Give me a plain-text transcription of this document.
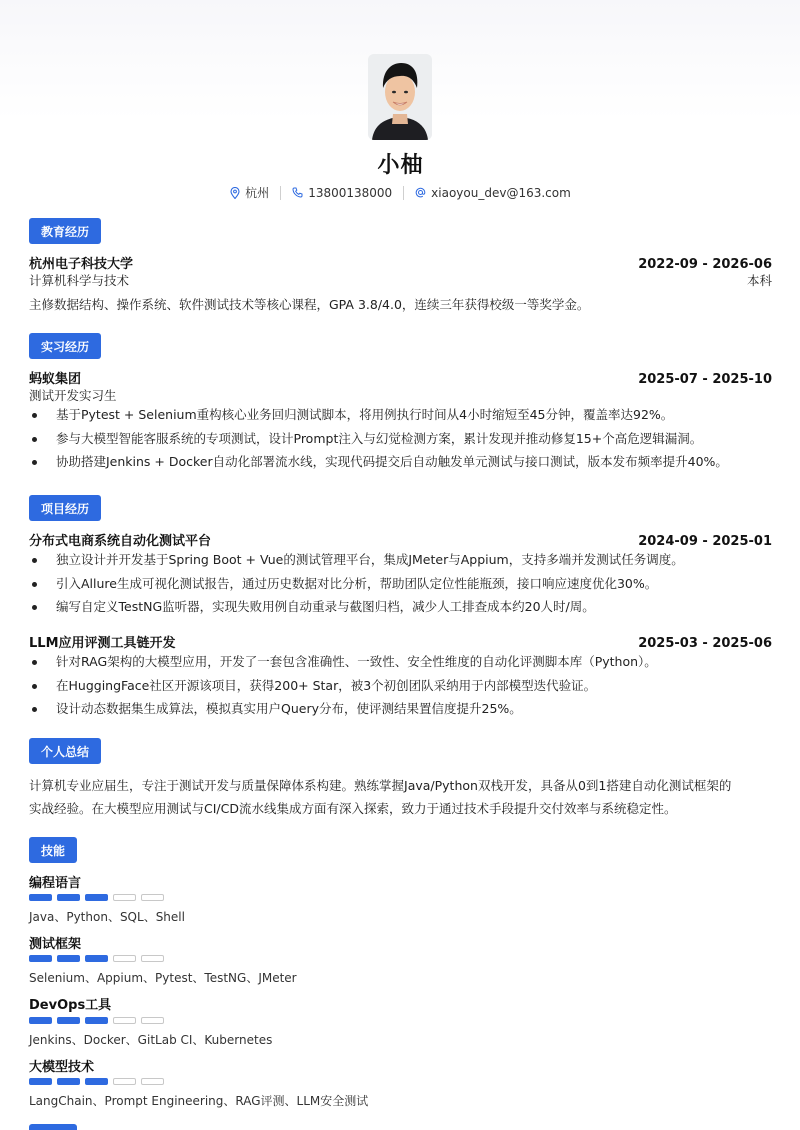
小柚
杭州	13800138000	xiaoyou_dev@163.com
教育经历
杭州电子科技大学	2022-09 - 2026-06
计算机科学与技术	本科
主修数据结构、操作系统、软件测试技术等核心课程，GPA 3.8/4.0，连续三年获得校级一等奖学金。
实习经历
蚂蚁集团	2025-07 - 2025-10
测试开发实习生
基于Pytest + Selenium重构核心业务回归测试脚本，将用例执行时间从4小时缩短至45分钟，覆盖率达92%。
参与大模型智能客服系统的专项测试，设计Prompt注入与幻觉检测方案，累计发现并推动修复15+个高危逻辑漏洞。
协助搭建Jenkins + Docker自动化部署流水线，实现代码提交后自动触发单元测试与接口测试，版本发布频率提升40%。
项目经历
分布式电商系统自动化测试平台	2024-09 - 2025-01
独立设计并开发基于Spring Boot + Vue的测试管理平台，集成JMeter与Appium，支持多端并发测试任务调度。
引入Allure生成可视化测试报告，通过历史数据对比分析，帮助团队定位性能瓶颈，接口响应速度优化30%。
编写自定义TestNG监听器，实现失败用例自动重录与截图归档，减少人工排查成本约20人时/周。
LLM应用评测工具链开发	2025-03 - 2025-06
针对RAG架构的大模型应用，开发了一套包含准确性、一致性、安全性维度的自动化评测脚本库（Python）。
在HuggingFace社区开源该项目，获得200+ Star，被3个初创团队采纳用于内部模型迭代验证。
设计动态数据集生成算法，模拟真实用户Query分布，使评测结果置信度提升25%。
个人总结
计算机专业应届生，专注于测试开发与质量保障体系构建。熟练掌握Java/Python双栈开发，具备从0到1搭建自动化测试框架的
实战经验。在大模型应用测试与CI/CD流水线集成方面有深入探索，致力于通过技术手段提升交付效率与系统稳定性。
技能
编程语言
Java、Python、SQL、Shell
测试框架
Selenium、Appium、Pytest、TestNG、JMeter
DevOps工具
Jenkins、Docker、GitLab CI、Kubernetes
大模型技术
LangChain、Prompt Engineering、RAG评测、LLM安全测试
